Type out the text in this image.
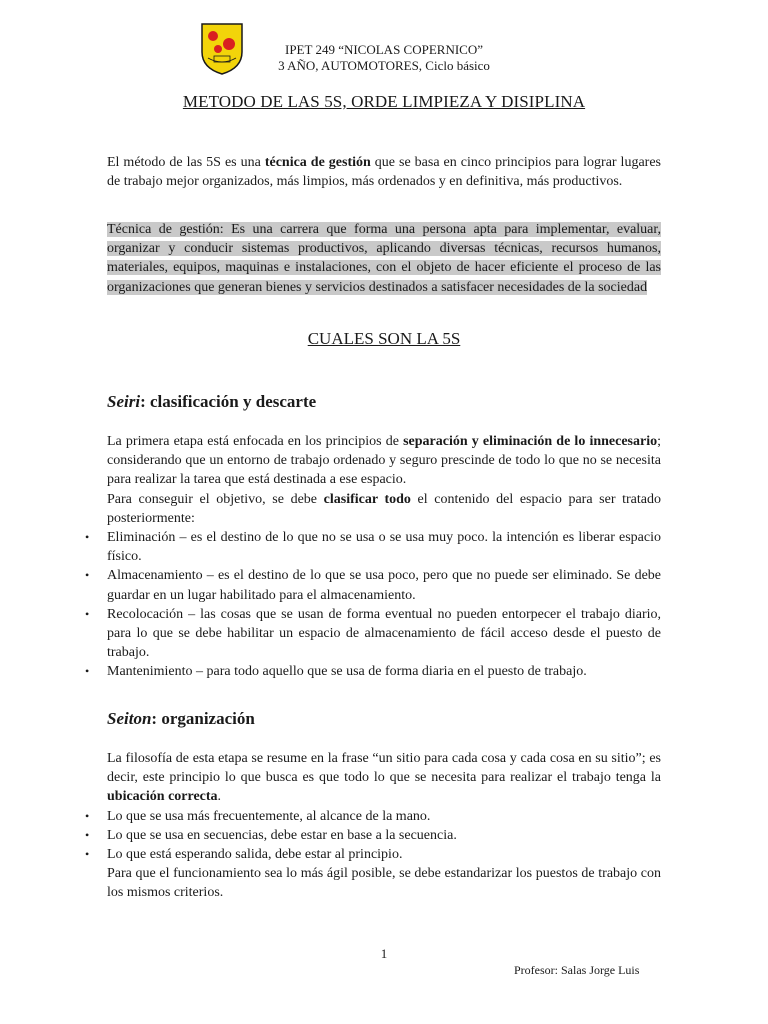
IPET 249 “NICOLAS COPERNICO”
3 AÑO, AUTOMOTORES, Ciclo básico
METODO DE LAS 5S, ORDE LIMPIEZA Y DISIPLINA

El método de las 5S es una técnica de gestión que se basa en cinco principios para lograr lugares de trabajo mejor organizados, más limpios, más ordenados y en definitiva, más productivos.

Técnica de gestión: Es una carrera que forma una persona apta para implementar, evaluar, organizar y conducir sistemas productivos, aplicando diversas técnicas, recursos humanos, materiales, equipos, maquinas e instalaciones, con el objeto de hacer eficiente el proceso de las organizaciones que generan bienes y servicios destinados a satisfacer necesidades de la sociedad

CUALES SON LA 5S
Seiri: clasificación y descarte

La primera etapa está enfocada en los principios de separación y eliminación de lo innecesario; considerando que un entorno de trabajo ordenado y seguro prescinde de todo lo que no se necesita para realizar la tarea que está destinada a ese espacio.

Para conseguir el objetivo, se debe clasificar todo el contenido del espacio para ser tratado posteriormente:

• Eliminación – es el destino de lo que no se usa o se usa muy poco. la intención es liberar espacio físico.
• Almacenamiento – es el destino de lo que se usa poco, pero que no puede ser eliminado. Se debe guardar en un lugar habilitado para el almacenamiento.
• Recolocación – las cosas que se usan de forma eventual no pueden entorpecer el trabajo diario, para lo que se debe habilitar un espacio de almacenamiento de fácil acceso desde el puesto de trabajo.
• Mantenimiento – para todo aquello que se usa de forma diaria en el puesto de trabajo.
Seiton: organización

La filosofía de esta etapa se resume en la frase “un sitio para cada cosa y cada cosa en su sitio”; es decir, este principio lo que busca es que todo lo que se necesita para realizar el trabajo tenga la ubicación correcta.

• Lo que se usa más frecuentemente, al alcance de la mano.
• Lo que se usa en secuencias, debe estar en base a la secuencia.
• Lo que está esperando salida, debe estar al principio.

Para que el funcionamiento sea lo más ágil posible, se debe estandarizar los puestos de trabajo con los mismos criterios.

1
Profesor: Salas Jorge Luis
